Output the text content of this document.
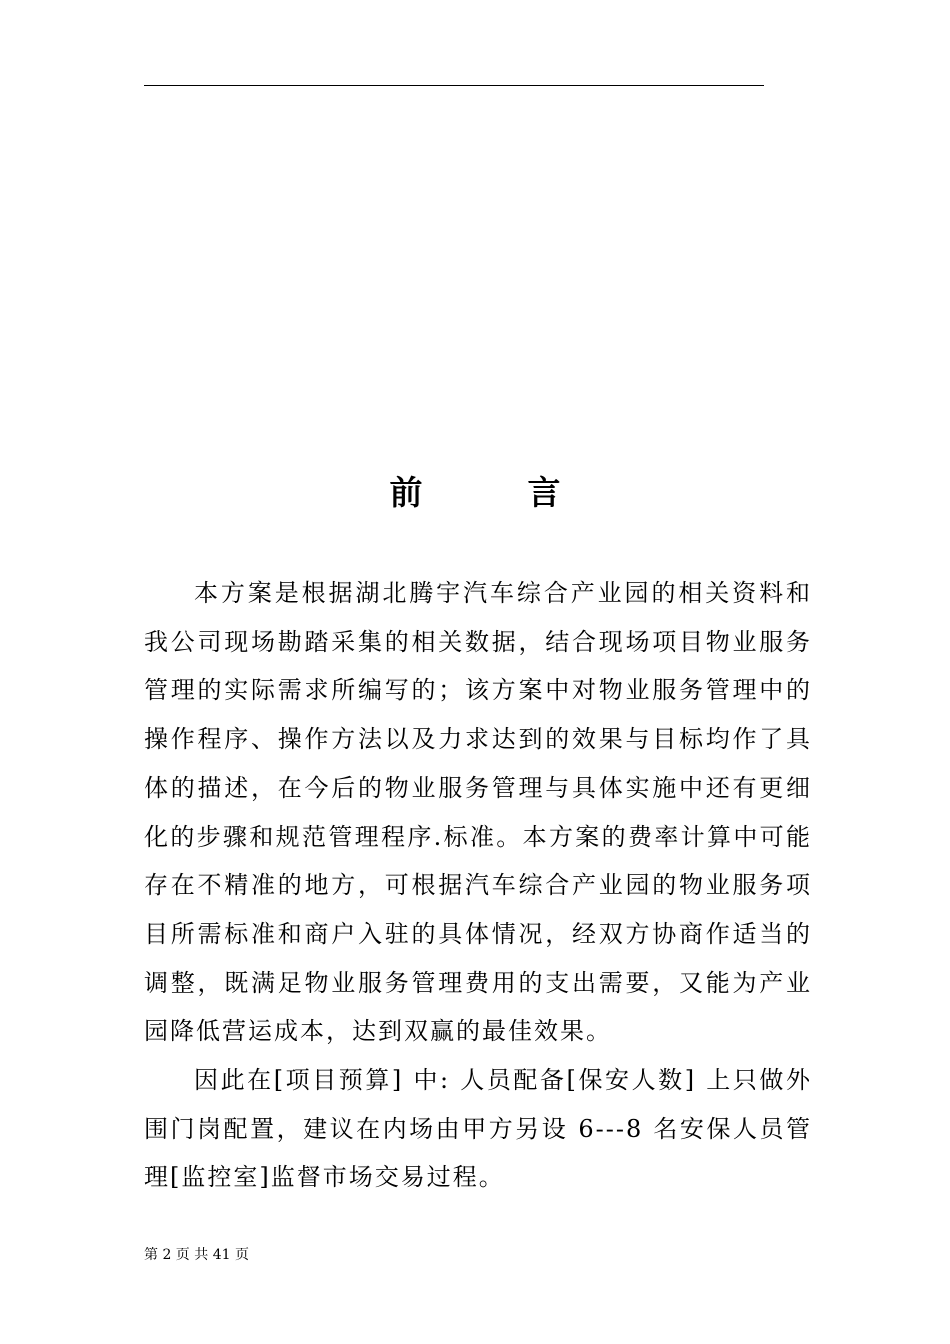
前	言

本方案是根据湖北腾宇汽车综合产业园的相关资料和我公司现场勘踏采集的相关数据，结合现场项目物业服务管理的实际需求所编写的；该方案中对物业服务管理中的操作程序、操作方法以及力求达到的效果与目标均作了具体的描述，在今后的物业服务管理与具体实施中还有更细化的步骤和规范管理程序.标准。本方案的费率计算中可能存在不精准的地方，可根据汽车综合产业园的物业服务项目所需标准和商户入驻的具体情况，经双方协商作适当的调整，既满足物业服务管理费用的支出需要，又能为产业园降低营运成本，达到双赢的最佳效果。

因此在[项目预算] 中: 人员配备[保安人数] 上只做外围门岗配置，建议在内场由甲方另设 6---8 名安保人员管理[监控室]监督市场交易过程。

第 2 页 共 41 页
